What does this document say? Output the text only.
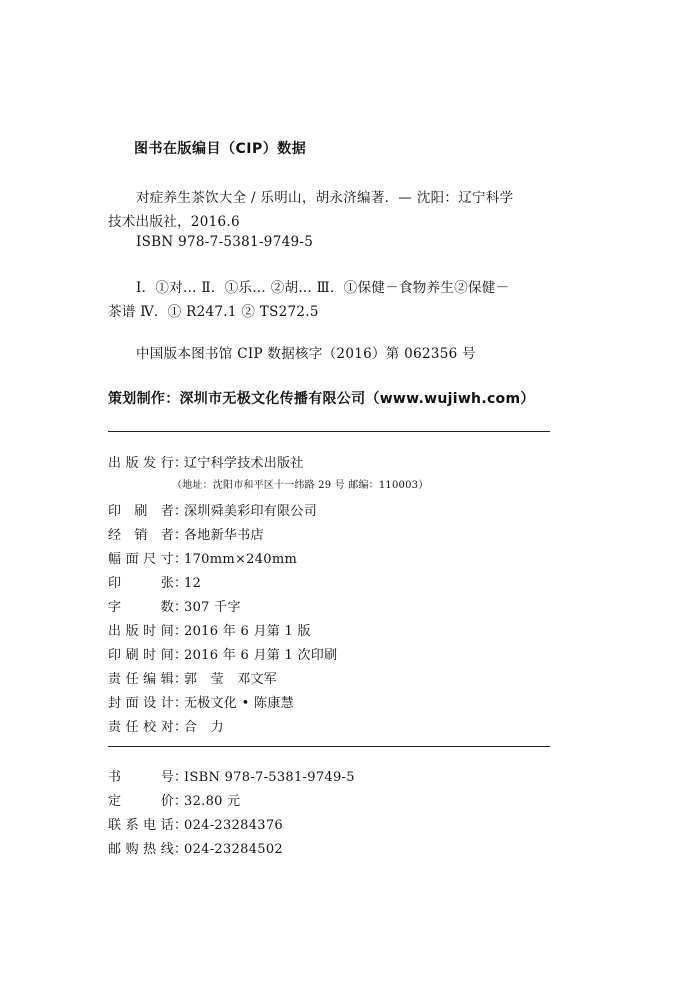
图书在版编目（CIP）数据
对症养生茶饮大全 / 乐明山，胡永济编著．— 沈阳：辽宁科学
技术出版社，2016.6
ISBN 978-7-5381-9749-5
Ⅰ．①对… Ⅱ．①乐… ②胡… Ⅲ．①保健－食物养生②保健－
茶谱 Ⅳ．① R247.1 ② TS272.5
中国版本图书馆 CIP 数据核字（2016）第 062356 号
策划制作：深圳市无极文化传播有限公司（www.wujiwh.com）
出版发行：辽宁科学技术出版社
（地址：沈阳市和平区十一纬路 29 号 邮编：110003）
印刷者：深圳舜美彩印有限公司
经销者：各地新华书店
幅面尺寸：170mm×240mm
印张：12
字数：307 千字
出版时间：2016 年 6 月第 1 版
印刷时间：2016 年 6 月第 1 次印刷
责任编辑：郭　莹　邓文军
封面设计：无极文化 • 陈康慧
责任校对：合　力
书号：ISBN 978-7-5381-9749-5
定价：32.80 元
联系电话：024-23284376
邮购热线：024-23284502
